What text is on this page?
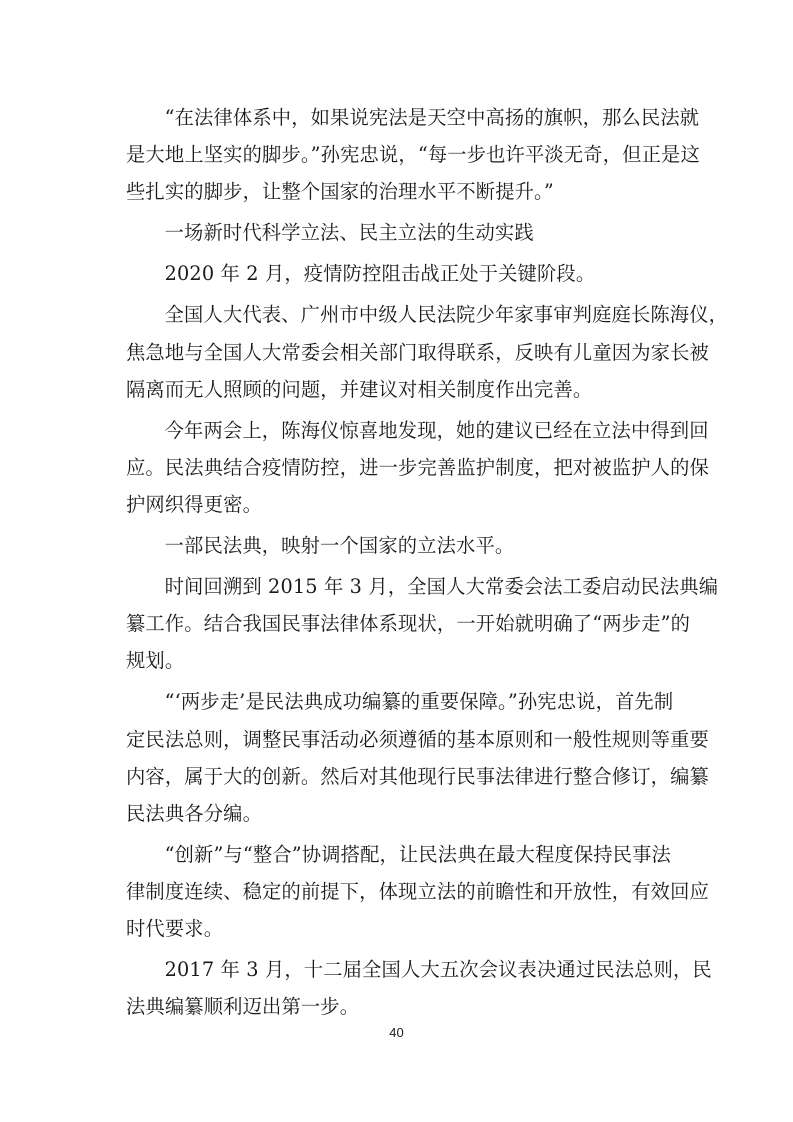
“在法律体系中，如果说宪法是天空中高扬的旗帜，那么民法就
是大地上坚实的脚步。”孙宪忠说，“每一步也许平淡无奇，但正是这
些扎实的脚步，让整个国家的治理水平不断提升。”

一场新时代科学立法、民主立法的生动实践

2020 年 2 月，疫情防控阻击战正处于关键阶段。

全国人大代表、广州市中级人民法院少年家事审判庭庭长陈海仪，
焦急地与全国人大常委会相关部门取得联系，反映有儿童因为家长被
隔离而无人照顾的问题，并建议对相关制度作出完善。

今年两会上，陈海仪惊喜地发现，她的建议已经在立法中得到回
应。民法典结合疫情防控，进一步完善监护制度，把对被监护人的保
护网织得更密。

一部民法典，映射一个国家的立法水平。

时间回溯到 2015 年 3 月，全国人大常委会法工委启动民法典编
纂工作。结合我国民事法律体系现状，一开始就明确了“两步走”的
规划。

“‘两步走’是民法典成功编纂的重要保障。”孙宪忠说，首先制
定民法总则，调整民事活动必须遵循的基本原则和一般性规则等重要
内容，属于大的创新。然后对其他现行民事法律进行整合修订，编纂
民法典各分编。

“创新”与“整合”协调搭配，让民法典在最大程度保持民事法
律制度连续、稳定的前提下，体现立法的前瞻性和开放性，有效回应
时代要求。

2017 年 3 月，十二届全国人大五次会议表决通过民法总则，民
法典编纂顺利迈出第一步。

40
